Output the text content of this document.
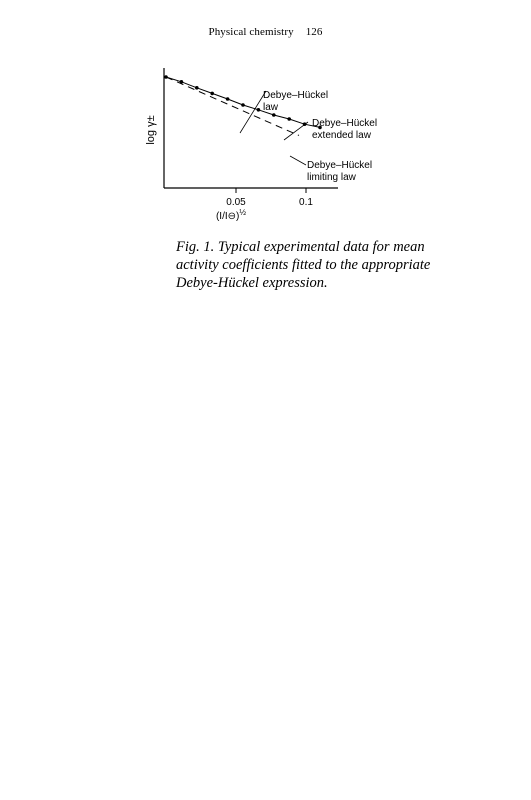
Physical chemistry 126
0.05	0.1
Debye–Hückel
law
Debye–Hückel
extended law
Debye–Hückel
limiting law
log γ±
(I/I⊖)$^{\frac{1}{2}}$
Fig. 1. Typical experimental data for mean activity coefficients fitted to the appropriate Debye-Hückel expression.
